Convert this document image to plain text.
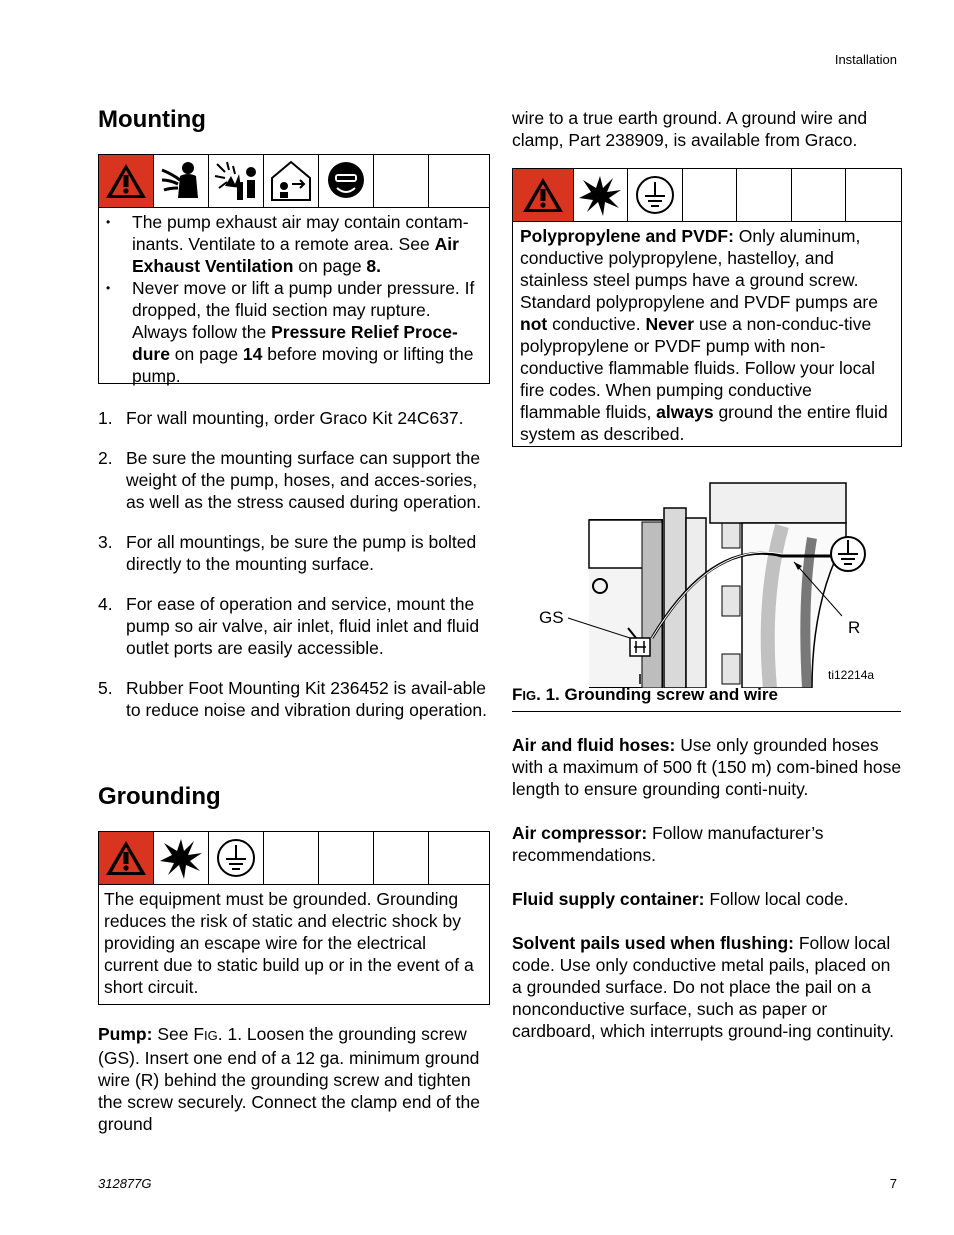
Installation
312877G	7
Mounting
•	The pump exhaust air may contain contam-inants. Ventilate to a remote area. See Air Exhaust Ventilation on page 8.
•	Never move or lift a pump under pressure. If dropped, the fluid section may rupture. Always follow the Pressure Relief Proce-dure on page 14 before moving or lifting the pump.
1. For wall mounting, order Graco Kit 24C637.
2. Be sure the mounting surface can support the weight of the pump, hoses, and acces-sories, as well as the stress caused during operation.
3. For all mountings, be sure the pump is bolted directly to the mounting surface.
4. For ease of operation and service, mount the pump so air valve, air inlet, fluid inlet and fluid outlet ports are easily accessible.
5. Rubber Foot Mounting Kit 236452 is avail-able to reduce noise and vibration during operation.
Grounding
The equipment must be grounded. Grounding reduces the risk of static and electric shock by providing an escape wire for the electrical current due to static build up or in the event of a short circuit.

Pump: See FIG. 1. Loosen the grounding screw (GS). Insert one end of a 12 ga. minimum ground wire (R) behind the grounding screw and tighten the screw securely. Connect the clamp end of the ground

wire to a true earth ground. A ground wire and clamp, Part 238909, is available from Graco.

Polypropylene and PVDF: Only aluminum, conductive polypropylene, hastelloy, and stainless steel pumps have a ground screw. Standard polypropylene and PVDF pumps are not conductive. Never use a non-conduc-tive polypropylene or PVDF pump with non-conductive flammable fluids. Follow your local fire codes. When pumping conductive flammable fluids, always ground the entire fluid system as described.
GS
R
ti12214a
FIG. 1. Grounding screw and wire

Air and fluid hoses: Use only grounded hoses with a maximum of 500 ft (150 m) com-bined hose length to ensure grounding conti-nuity.

Air compressor: Follow manufacturer’s recommendations.

Fluid supply container: Follow local code.

Solvent pails used when flushing: Follow local code. Use only conductive metal pails, placed on a grounded surface. Do not place the pail on a nonconductive surface, such as paper or cardboard, which interrupts ground-ing continuity.
